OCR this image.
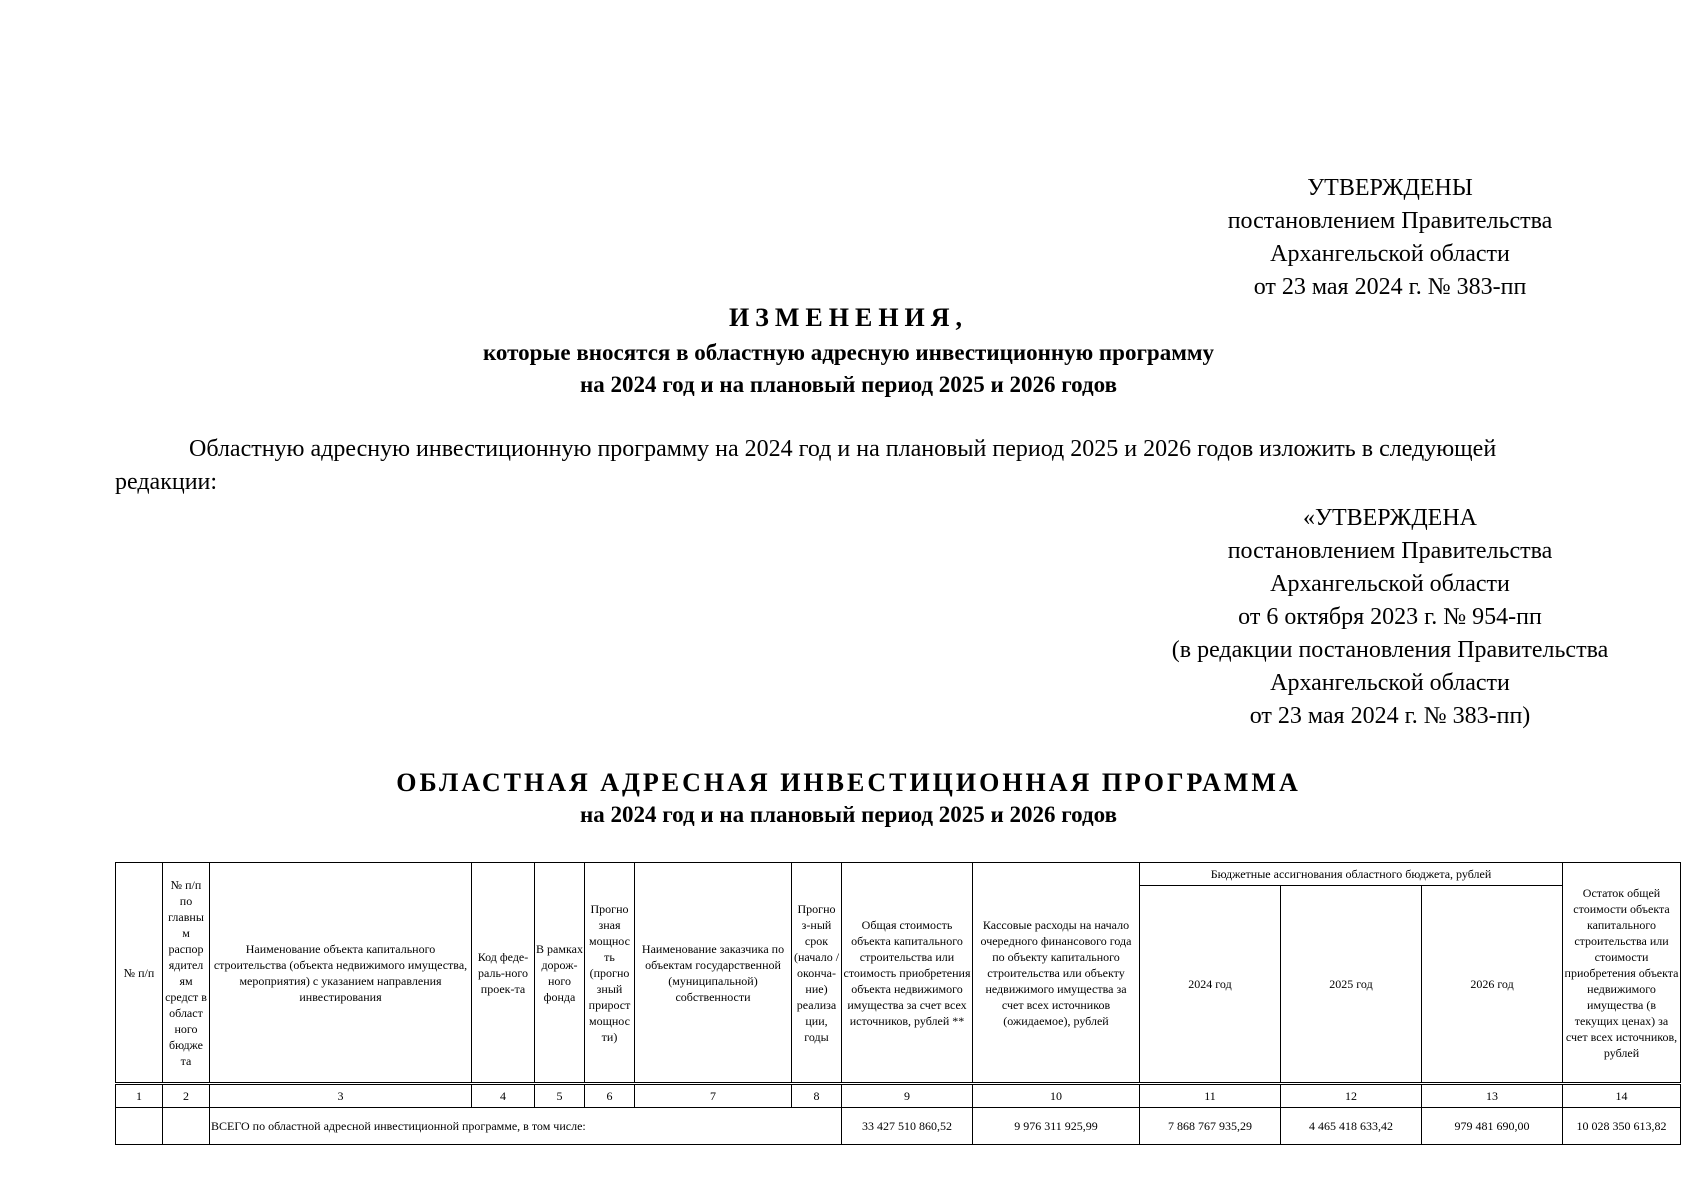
УТВЕРЖДЕНЫ
постановлением Правительства
Архангельской области
от 23 мая 2024 г. № 383-пп
ИЗМЕНЕНИЯ,
которые вносятся в областную адресную инвестиционную программу
на 2024 год и на плановый период 2025 и 2026 годов
Областную адресную инвестиционную программу на 2024 год и на плановый период 2025 и 2026 годов изложить в следующей редакции:
«УТВЕРЖДЕНА
постановлением Правительства
Архангельской области
от 6 октября 2023 г. № 954-пп
(в редакции постановления Правительства
Архангельской области
от 23 мая 2024 г. № 383-пп)
ОБЛАСТНАЯ АДРЕСНАЯ ИНВЕСТИЦИОННАЯ ПРОГРАММА
на 2024 год и на плановый период 2025 и 2026 годов
№ п/п	№ п/п по главны м распор ядител ям средст в област ного бюдже та	Наименование объекта капитального строительства (объекта недвижимого имущества, мероприятия) с указанием направления инвестирования	Код феде-раль-ного проек-та	В рамках дорож-ного фонда	Прогно зная мощнос ть (прогно зный прирост мощнос ти)	Наименование заказчика по объектам государственной (муниципальной) собственности	Прогно з-ный срок (начало / оконча-ние) реализа ции, годы	Общая стоимость объекта капитального строительства или стоимость приобретения объекта недвижимого имущества за счет всех источников, рублей **	Кассовые расходы на начало очередного финансового года по объекту капитального строительства или объекту недвижимого имущества за счет всех источников (ожидаемое), рублей	Бюджетные ассигнования областного бюджета, рублей			Остаток общей стоимости объекта капитального строительства или стоимости приобретения объекта недвижимого имущества (в текущих ценах) за счет всех источников, рублей
										2024 год	2025 год	2026 год	
1	2	3	4	5	6	7	8	9	10	11	12	13	14
		ВСЕГО по областной адресной инвестиционной программе, в том числе:						33 427 510 860,52	9 976 311 925,99	7 868 767 935,29	4 465 418 633,42	979 481 690,00	10 028 350 613,82
